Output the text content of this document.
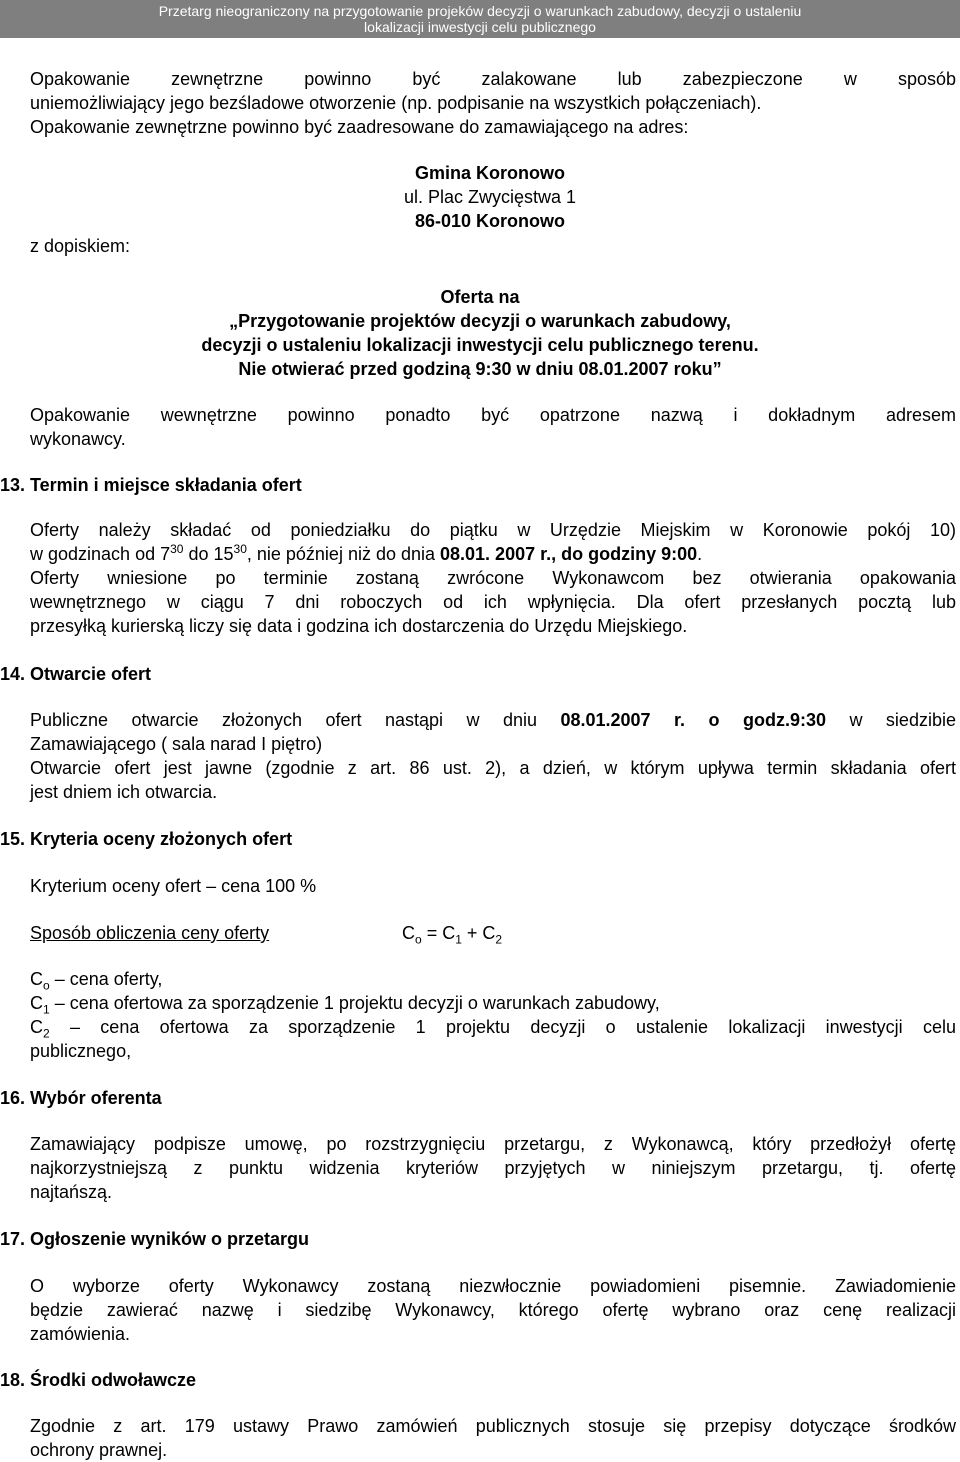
Przetarg nieograniczony na przygotowanie projeków decyzji o warunkach zabudowy, decyzji o ustaleniu
lokalizacji inwestycji celu publicznego
Opakowanie zewnętrzne powinno być zalakowane lub zabezpieczone w sposób
uniemożliwiający jego bezśladowe otworzenie (np. podpisanie na wszystkich połączeniach).
Opakowanie zewnętrzne powinno być zaadresowane do zamawiającego na adres:
Gmina Koronowo
ul. Plac Zwycięstwa 1
86-010 Koronowo
z dopiskiem:
Oferta na
„Przygotowanie projektów decyzji o warunkach zabudowy,
decyzji o ustaleniu lokalizacji inwestycji celu publicznego terenu.
Nie otwierać przed godziną 9:30 w dniu 08.01.2007 roku”
Opakowanie wewnętrzne powinno ponadto być opatrzone nazwą i dokładnym adresem
wykonawcy.
13. Termin i miejsce składania ofert
Oferty należy składać od poniedziałku do piątku w Urzędzie Miejskim w Koronowie pokój 10)
w godzinach od $7^{30}$ do $15^{30}$, nie później niż do dnia 08.01. 2007 r., do godziny 9:00.
Oferty wniesione po terminie zostaną zwrócone Wykonawcom bez otwierania opakowania
wewnętrznego w ciągu 7 dni roboczych od ich wpłynięcia. Dla ofert przesłanych pocztą lub
przesyłką kurierską liczy się data i godzina ich dostarczenia do Urzędu Miejskiego.
14. Otwarcie ofert
Publiczne otwarcie złożonych ofert nastąpi w dniu 08.01.2007 r. o godz.9:30 w siedzibie
Zamawiającego ( sala narad I piętro)
Otwarcie ofert jest jawne (zgodnie z art. 86 ust. 2), a dzień, w którym upływa termin składania ofert
jest dniem ich otwarcia.
15. Kryteria oceny złożonych ofert
Kryterium oceny ofert – cena 100 %
Sposób obliczenia ceny oferty	$C_o = C_1 + C_2$
$C_o$ – cena oferty,
$C_1$ – cena ofertowa za sporządzenie 1 projektu decyzji o warunkach zabudowy,
$C_2$ – cena ofertowa za sporządzenie 1 projektu decyzji o ustalenie lokalizacji inwestycji celu
publicznego,
16. Wybór oferenta
Zamawiający podpisze umowę, po rozstrzygnięciu przetargu, z Wykonawcą, który przedłożył ofertę
najkorzystniejszą z punktu widzenia kryteriów przyjętych w niniejszym przetargu, tj. ofertę
najtańszą.
17. Ogłoszenie wyników o przetargu
O wyborze oferty Wykonawcy zostaną niezwłocznie powiadomieni pisemnie. Zawiadomienie
będzie zawierać nazwę i siedzibę Wykonawcy, którego ofertę wybrano oraz cenę realizacji
zamówienia.
18. Środki odwoławcze
Zgodnie z art. 179 ustawy Prawo zamówień publicznych stosuje się przepisy dotyczące środków
ochrony prawnej.
